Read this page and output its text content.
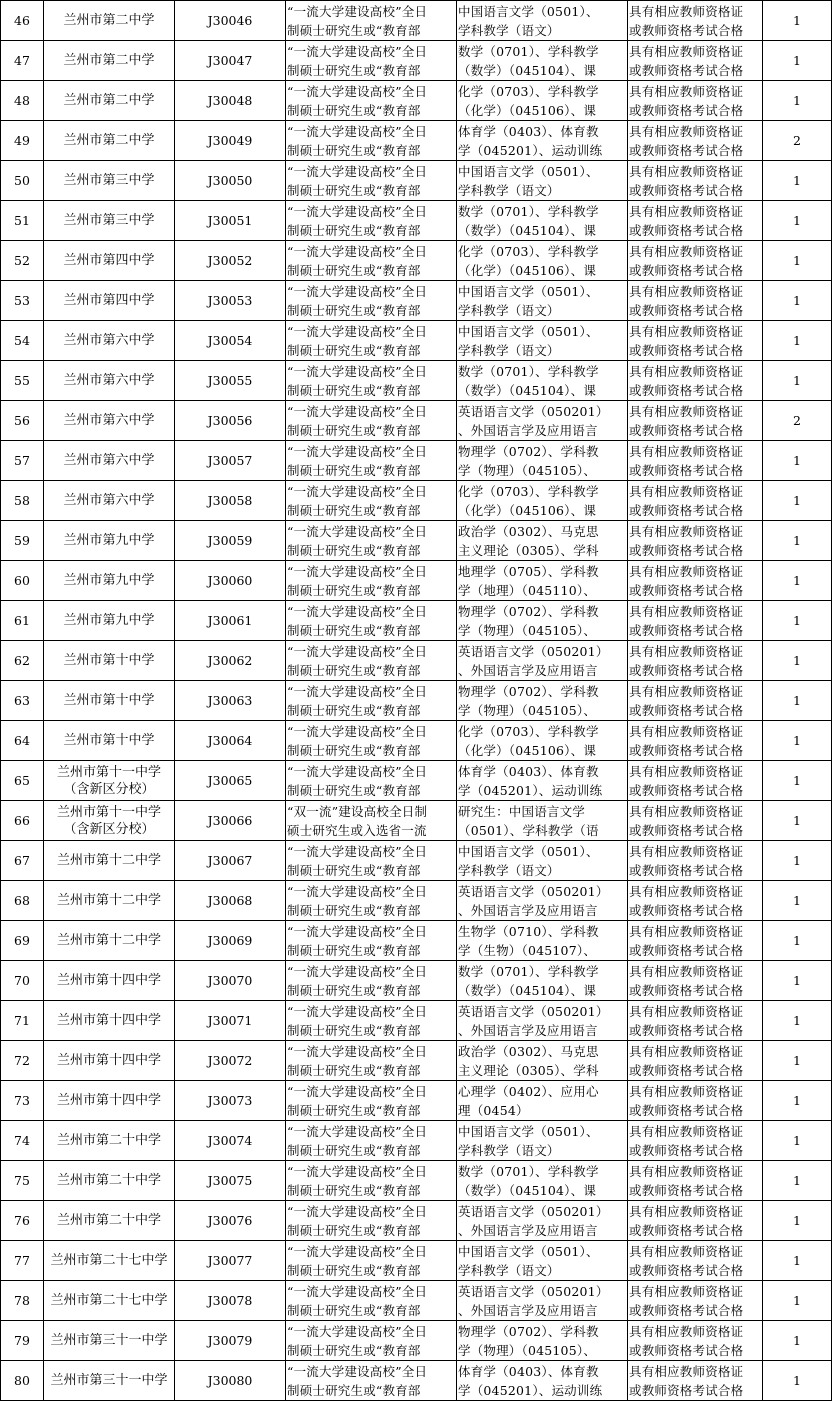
46	兰州市第二中学	J30046	“一流大学建设高校”全日
制硕士研究生或“教育部	中国语言文学（0501）、
学科教学（语文）	具有相应教师资格证
或教师资格考试合格	1
47	兰州市第二中学	J30047	“一流大学建设高校”全日
制硕士研究生或“教育部	数学（0701）、学科教学
（数学）（045104）、课	具有相应教师资格证
或教师资格考试合格	1
48	兰州市第二中学	J30048	“一流大学建设高校”全日
制硕士研究生或“教育部	化学（0703）、学科教学
（化学）（045106）、课	具有相应教师资格证
或教师资格考试合格	1
49	兰州市第二中学	J30049	“一流大学建设高校”全日
制硕士研究生或“教育部	体育学（0403）、体育教
学（045201）、运动训练	具有相应教师资格证
或教师资格考试合格	2
50	兰州市第三中学	J30050	“一流大学建设高校”全日
制硕士研究生或“教育部	中国语言文学（0501）、
学科教学（语文）	具有相应教师资格证
或教师资格考试合格	1
51	兰州市第三中学	J30051	“一流大学建设高校”全日
制硕士研究生或“教育部	数学（0701）、学科教学
（数学）（045104）、课	具有相应教师资格证
或教师资格考试合格	1
52	兰州市第四中学	J30052	“一流大学建设高校”全日
制硕士研究生或“教育部	化学（0703）、学科教学
（化学）（045106）、课	具有相应教师资格证
或教师资格考试合格	1
53	兰州市第四中学	J30053	“一流大学建设高校”全日
制硕士研究生或“教育部	中国语言文学（0501）、
学科教学（语文）	具有相应教师资格证
或教师资格考试合格	1
54	兰州市第六中学	J30054	“一流大学建设高校”全日
制硕士研究生或“教育部	中国语言文学（0501）、
学科教学（语文）	具有相应教师资格证
或教师资格考试合格	1
55	兰州市第六中学	J30055	“一流大学建设高校”全日
制硕士研究生或“教育部	数学（0701）、学科教学
（数学）（045104）、课	具有相应教师资格证
或教师资格考试合格	1
56	兰州市第六中学	J30056	“一流大学建设高校”全日
制硕士研究生或“教育部	英语语言文学（050201）
、外国语言学及应用语言	具有相应教师资格证
或教师资格考试合格	2
57	兰州市第六中学	J30057	“一流大学建设高校”全日
制硕士研究生或“教育部	物理学（0702）、学科教
学（物理）（045105）、	具有相应教师资格证
或教师资格考试合格	1
58	兰州市第六中学	J30058	“一流大学建设高校”全日
制硕士研究生或“教育部	化学（0703）、学科教学
（化学）（045106）、课	具有相应教师资格证
或教师资格考试合格	1
59	兰州市第九中学	J30059	“一流大学建设高校”全日
制硕士研究生或“教育部	政治学（0302）、马克思
主义理论（0305）、学科	具有相应教师资格证
或教师资格考试合格	1
60	兰州市第九中学	J30060	“一流大学建设高校”全日
制硕士研究生或“教育部	地理学（0705）、学科教
学（地理）（045110）、	具有相应教师资格证
或教师资格考试合格	1
61	兰州市第九中学	J30061	“一流大学建设高校”全日
制硕士研究生或“教育部	物理学（0702）、学科教
学（物理）（045105）、	具有相应教师资格证
或教师资格考试合格	1
62	兰州市第十中学	J30062	“一流大学建设高校”全日
制硕士研究生或“教育部	英语语言文学（050201）
、外国语言学及应用语言	具有相应教师资格证
或教师资格考试合格	1
63	兰州市第十中学	J30063	“一流大学建设高校”全日
制硕士研究生或“教育部	物理学（0702）、学科教
学（物理）（045105）、	具有相应教师资格证
或教师资格考试合格	1
64	兰州市第十中学	J30064	“一流大学建设高校”全日
制硕士研究生或“教育部	化学（0703）、学科教学
（化学）（045106）、课	具有相应教师资格证
或教师资格考试合格	1
65	兰州市第十一中学（含新区分校）	J30065	“一流大学建设高校”全日
制硕士研究生或“教育部	体育学（0403）、体育教
学（045201）、运动训练	具有相应教师资格证
或教师资格考试合格	1
66	兰州市第十一中学（含新区分校）	J30066	“双一流”建设高校全日制
硕士研究生或入选省一流	研究生：中国语言文学
（0501）、学科教学（语	具有相应教师资格证
或教师资格考试合格	1
67	兰州市第十二中学	J30067	“一流大学建设高校”全日
制硕士研究生或“教育部	中国语言文学（0501）、
学科教学（语文）	具有相应教师资格证
或教师资格考试合格	1
68	兰州市第十二中学	J30068	“一流大学建设高校”全日
制硕士研究生或“教育部	英语语言文学（050201）
、外国语言学及应用语言	具有相应教师资格证
或教师资格考试合格	1
69	兰州市第十二中学	J30069	“一流大学建设高校”全日
制硕士研究生或“教育部	生物学（0710）、学科教
学（生物）（045107）、	具有相应教师资格证
或教师资格考试合格	1
70	兰州市第十四中学	J30070	“一流大学建设高校”全日
制硕士研究生或“教育部	数学（0701）、学科教学
（数学）（045104）、课	具有相应教师资格证
或教师资格考试合格	1
71	兰州市第十四中学	J30071	“一流大学建设高校”全日
制硕士研究生或“教育部	英语语言文学（050201）
、外国语言学及应用语言	具有相应教师资格证
或教师资格考试合格	1
72	兰州市第十四中学	J30072	“一流大学建设高校”全日
制硕士研究生或“教育部	政治学（0302）、马克思
主义理论（0305）、学科	具有相应教师资格证
或教师资格考试合格	1
73	兰州市第十四中学	J30073	“一流大学建设高校”全日
制硕士研究生或“教育部	心理学（0402）、应用心
理（0454）	具有相应教师资格证
或教师资格考试合格	1
74	兰州市第二十中学	J30074	“一流大学建设高校”全日
制硕士研究生或“教育部	中国语言文学（0501）、
学科教学（语文）	具有相应教师资格证
或教师资格考试合格	1
75	兰州市第二十中学	J30075	“一流大学建设高校”全日
制硕士研究生或“教育部	数学（0701）、学科教学
（数学）（045104）、课	具有相应教师资格证
或教师资格考试合格	1
76	兰州市第二十中学	J30076	“一流大学建设高校”全日
制硕士研究生或“教育部	英语语言文学（050201）
、外国语言学及应用语言	具有相应教师资格证
或教师资格考试合格	1
77	兰州市第二十七中学	J30077	“一流大学建设高校”全日
制硕士研究生或“教育部	中国语言文学（0501）、
学科教学（语文）	具有相应教师资格证
或教师资格考试合格	1
78	兰州市第二十七中学	J30078	“一流大学建设高校”全日
制硕士研究生或“教育部	英语语言文学（050201）
、外国语言学及应用语言	具有相应教师资格证
或教师资格考试合格	1
79	兰州市第三十一中学	J30079	“一流大学建设高校”全日
制硕士研究生或“教育部	物理学（0702）、学科教
学（物理）（045105）、	具有相应教师资格证
或教师资格考试合格	1
80	兰州市第三十一中学	J30080	“一流大学建设高校”全日
制硕士研究生或“教育部	体育学（0403）、体育教
学（045201）、运动训练	具有相应教师资格证
或教师资格考试合格	1
